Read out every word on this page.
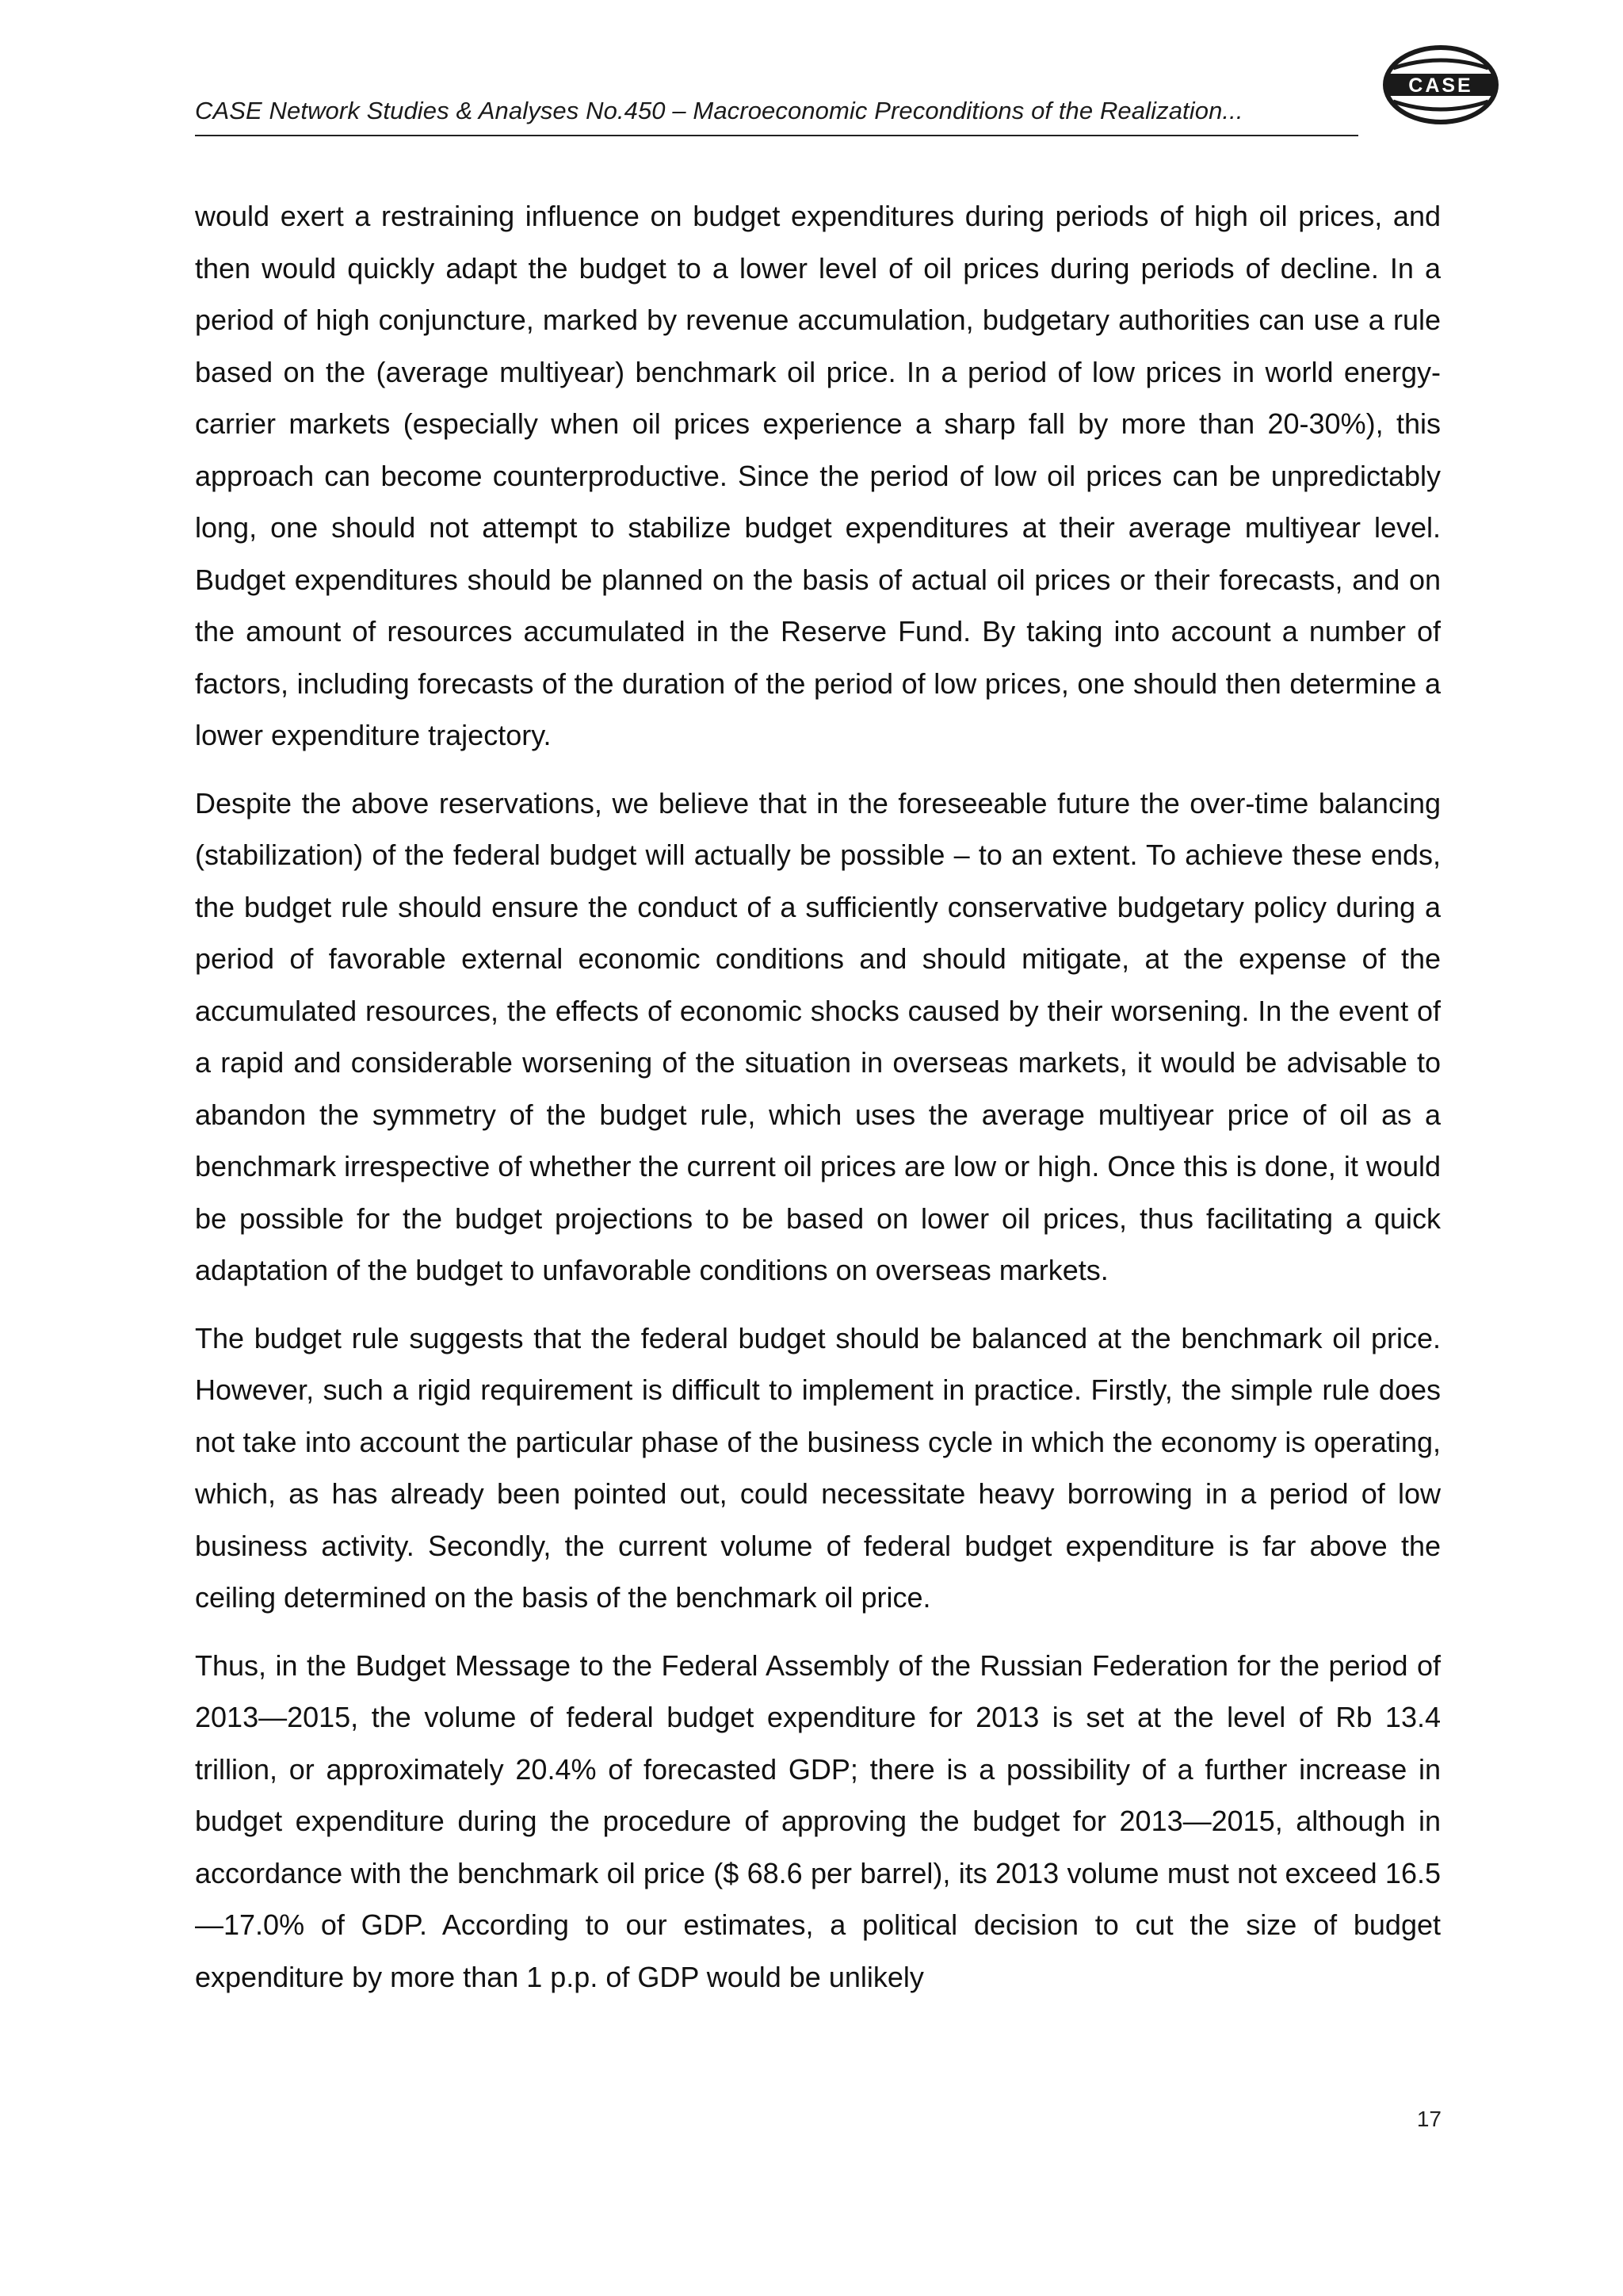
CASE Network Studies & Analyses No.450 – Macroeconomic Preconditions of the Realization...
CASE

would exert a restraining influence on budget expenditures during periods of high oil prices, and then would quickly adapt the budget to a lower level of oil prices during periods of decline. In a period of high conjuncture, marked by revenue accumulation, budgetary authorities can use a rule based on the (average multiyear) benchmark oil price. In a period of low prices in world energy-carrier markets (especially when oil prices experience a sharp fall by more than 20-30%), this approach can become counterproductive. Since the period of low oil prices can be unpredictably long, one should not attempt to stabilize budget expenditures at their average multiyear level. Budget expenditures should be planned on the basis of actual oil prices or their forecasts, and on the amount of resources accumulated in the Reserve Fund. By taking into account a number of factors, including forecasts of the duration of the period of low prices, one should then determine a lower expenditure trajectory.

Despite the above reservations, we believe that in the foreseeable future the over-time balancing (stabilization) of the federal budget will actually be possible – to an extent. To achieve these ends, the budget rule should ensure the conduct of a sufficiently conservative budgetary policy during a period of favorable external economic conditions and should mitigate, at the expense of the accumulated resources, the effects of economic shocks caused by their worsening. In the event of a rapid and considerable worsening of the situation in overseas markets, it would be advisable to abandon the symmetry of the budget rule, which uses the average multiyear price of oil as a benchmark irrespective of whether the current oil prices are low or high. Once this is done, it would be possible for the budget projections to be based on lower oil prices, thus facilitating a quick adaptation of the budget to unfavorable conditions on overseas markets.

The budget rule suggests that the federal budget should be balanced at the benchmark oil price. However, such a rigid requirement is difficult to implement in practice. Firstly, the simple rule does not take into account the particular phase of the business cycle in which the economy is operating, which, as has already been pointed out, could necessitate heavy borrowing in a period of low business activity. Secondly, the current volume of federal budget expenditure is far above the ceiling determined on the basis of the benchmark oil price.

Thus, in the Budget Message to the Federal Assembly of the Russian Federation for the period of 2013—2015, the volume of federal budget expenditure for 2013 is set at the level of Rb 13.4 trillion, or approximately 20.4% of forecasted GDP; there is a possibility of a further increase in budget expenditure during the procedure of approving the budget for 2013—2015, although in accordance with the benchmark oil price ($ 68.6 per barrel), its 2013 volume must not exceed 16.5—17.0% of GDP. According to our estimates, a political decision to cut the size of budget expenditure by more than 1 p.p. of GDP would be unlikely

17
